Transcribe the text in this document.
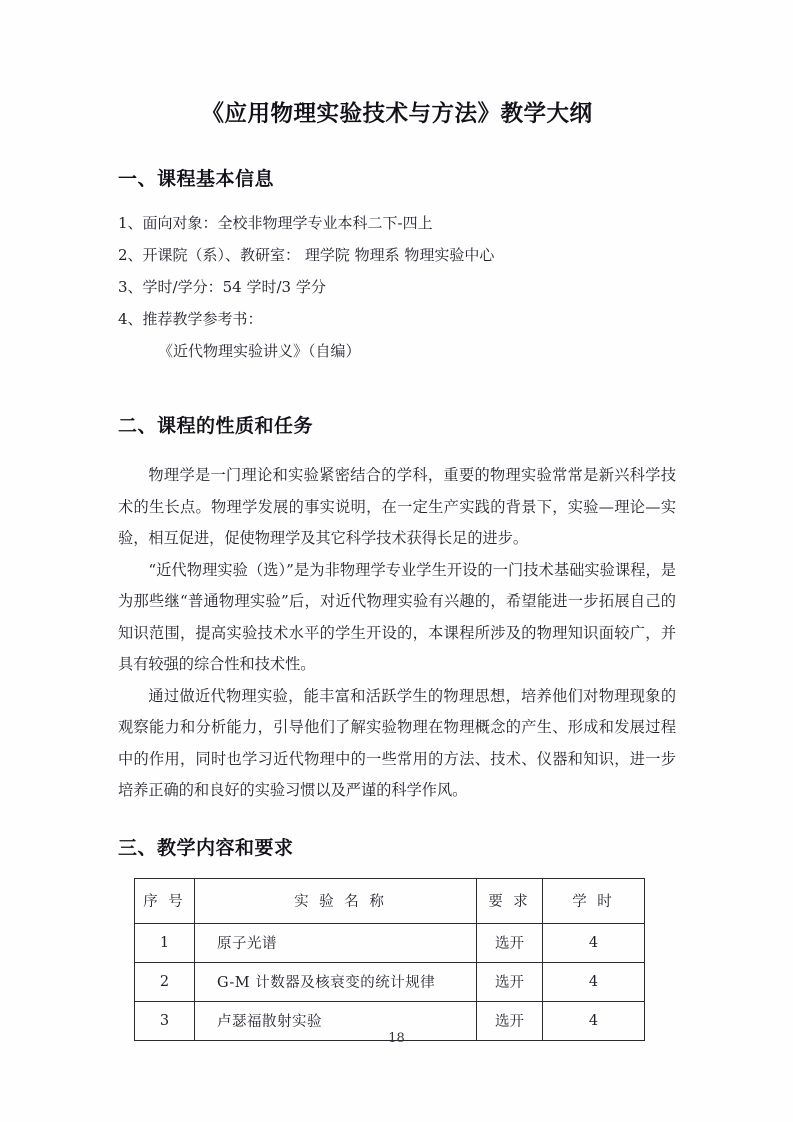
《应用物理实验技术与方法》教学大纲
一、课程基本信息
1、面向对象：全校非物理学专业本科二下-四上
2、开课院（系）、教研室： 理学院 物理系 物理实验中心
3、学时/学分：54 学时/3 学分
4、推荐教学参考书：
《近代物理实验讲义》（自编）
二、课程的性质和任务

物理学是一门理论和实验紧密结合的学科，重要的物理实验常常是新兴科学技术的生长点。物理学发展的事实说明，在一定生产实践的背景下，实验—理论—实验，相互促进，促使物理学及其它科学技术获得长足的进步。

“近代物理实验（选）”是为非物理学专业学生开设的一门技术基础实验课程，是为那些继“普通物理实验”后，对近代物理实验有兴趣的，希望能进一步拓展自己的知识范围，提高实验技术水平的学生开设的，本课程所涉及的物理知识面较广，并具有较强的综合性和技术性。

通过做近代物理实验，能丰富和活跃学生的物理思想，培养他们对物理现象的观察能力和分析能力，引导他们了解实验物理在物理概念的产生、形成和发展过程中的作用，同时也学习近代物理中的一些常用的方法、技术、仪器和知识，进一步培养正确的和良好的实验习惯以及严谨的科学作风。

三、教学内容和要求
序 号	实 验 名 称	要 求	学 时
1	原子光谱	选开	4
2	G-M 计数器及核衰变的统计规律	选开	4
3	卢瑟福散射实验	选开	4
18
